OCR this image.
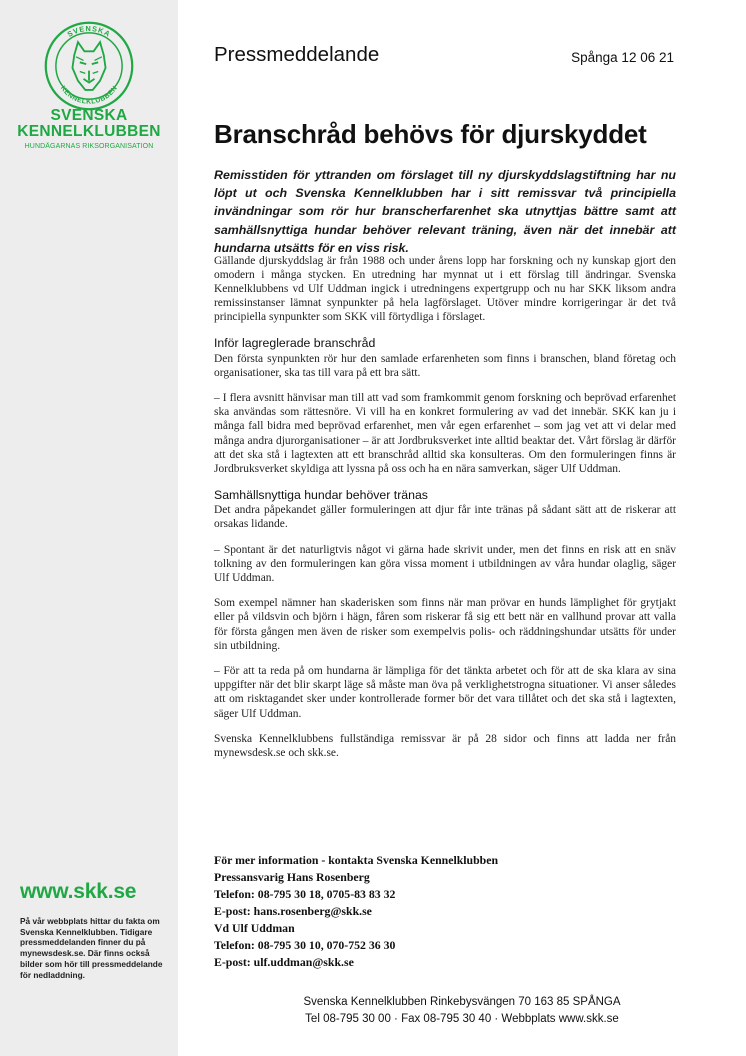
SVENSKA
KENNELKLUBBEN
SVENSKA
KENNELKLUBBEN
HUNDÄGARNAS RIKSORGANISATION
www.skk.se
På vår webbplats hittar du fakta om Svenska Kennelklubben. Tidigare pressmeddelanden finner du på mynewsdesk.se. Där finns också bilder som hör till pressmeddelande för nedladdning.
Pressmeddelande	Spånga 12 06 21
Branschråd behövs för djurskyddet
Remisstiden för yttranden om förslaget till ny djurskyddslagstiftning har nu löpt ut och Svenska Kennelklubben har i sitt remissvar två principiella invändningar som rör hur branscherfarenhet ska utnyttjas bättre samt att samhällsnyttiga hundar behöver relevant träning, även när det innebär att hundarna utsätts för en viss risk.

Gällande djurskyddslag är från 1988 och under årens lopp har forskning och ny kunskap gjort den omodern i många stycken. En utredning har mynnat ut i ett förslag till ändringar. Svenska Kennelklubbens vd Ulf Uddman ingick i utredningens expertgrupp och nu har SKK liksom andra remissinstanser lämnat synpunkter på hela lagförslaget. Utöver mindre korrigeringar är det två principiella synpunkter som SKK vill förtydliga i förslaget.

Inför lagreglerade branschråd

Den första synpunkten rör hur den samlade erfarenheten som finns i branschen, bland företag och organisationer, ska tas till vara på ett bra sätt.

– I flera avsnitt hänvisar man till att vad som framkommit genom forskning och beprövad erfarenhet ska användas som rättesnöre. Vi vill ha en konkret formulering av vad det innebär. SKK kan ju i många fall bidra med beprövad erfarenhet, men vår egen erfarenhet – som jag vet att vi delar med många andra djurorganisationer – är att Jordbruksverket inte alltid beaktar det. Vårt förslag är därför att det ska stå i lagtexten att ett branschråd alltid ska konsulteras. Om den formuleringen finns är Jordbruksverket skyldiga att lyssna på oss och ha en nära samverkan, säger Ulf Uddman.

Samhällsnyttiga hundar behöver tränas

Det andra påpekandet gäller formuleringen att djur får inte tränas på sådant sätt att de riskerar att orsakas lidande.

– Spontant är det naturligtvis något vi gärna hade skrivit under, men det finns en risk att en snäv tolkning av den formuleringen kan göra vissa moment i utbildningen av våra hundar olaglig, säger Ulf Uddman.

Som exempel nämner han skaderisken som finns när man prövar en hunds lämplighet för grytjakt eller på vildsvin och björn i hägn, fåren som riskerar få sig ett bett när en vallhund provar att valla för första gången men även de risker som exempelvis polis- och räddningshundar utsätts för under sin utbildning.

– För att ta reda på om hundarna är lämpliga för det tänkta arbetet och för att de ska klara av sina uppgifter när det blir skarpt läge så måste man öva på verklighetstrogna situationer. Vi anser således att om risktagandet sker under kontrollerade former bör det vara tillåtet och det ska stå i lagtexten, säger Ulf Uddman.

Svenska Kennelklubbens fullständiga remissvar är på 28 sidor och finns att ladda ner från mynewsdesk.se och skk.se.

För mer information - kontakta Svenska Kennelklubben
Pressansvarig Hans Rosenberg
Telefon: 08-795 30 18, 0705-83 83 32
E-post: hans.rosenberg@skk.se
Vd Ulf Uddman
Telefon: 08-795 30 10, 070-752 36 30
E-post: ulf.uddman@skk.se
Svenska Kennelklubben Rinkebysvängen 70 163 85 SPÅNGA
Tel 08-795 30 00 · Fax 08-795 30 40 · Webbplats www.skk.se
